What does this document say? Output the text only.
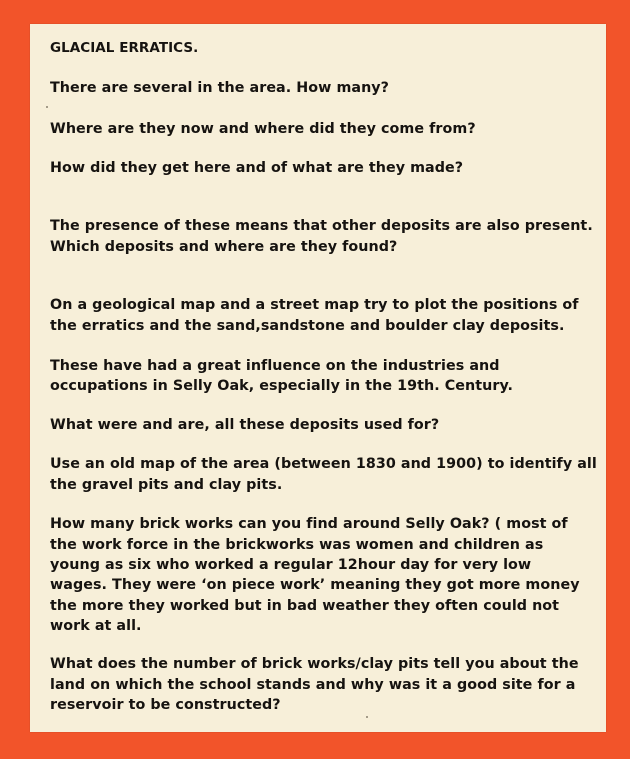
GLACIAL ERRATICS.
There are several in the area. How many?
Where are they now and where did they come from?
How did they get here and of what are they made?
The presence of these means that other deposits are also present.
Which deposits and where are they found?
On a geological map and a street map try to plot the positions of
the erratics and the sand,sandstone and boulder clay deposits.
These have had a great influence on the industries and
occupations in Selly Oak, especially in the 19th. Century.
What were and are, all these deposits used for?
Use an old map of the area (between 1830 and 1900) to identify all
the gravel pits and clay pits.
How many brick works can you find around Selly Oak? ( most of
the work force in the brickworks was women and children as
young as six who worked a regular 12hour day for very low
wages. They were ‘on piece work’ meaning they got more money
the more they worked but in bad weather they often could not
work at all.
What does the number of brick works/clay pits tell you about the
land on which the school stands and why was it a good site for a
reservoir to be constructed?
